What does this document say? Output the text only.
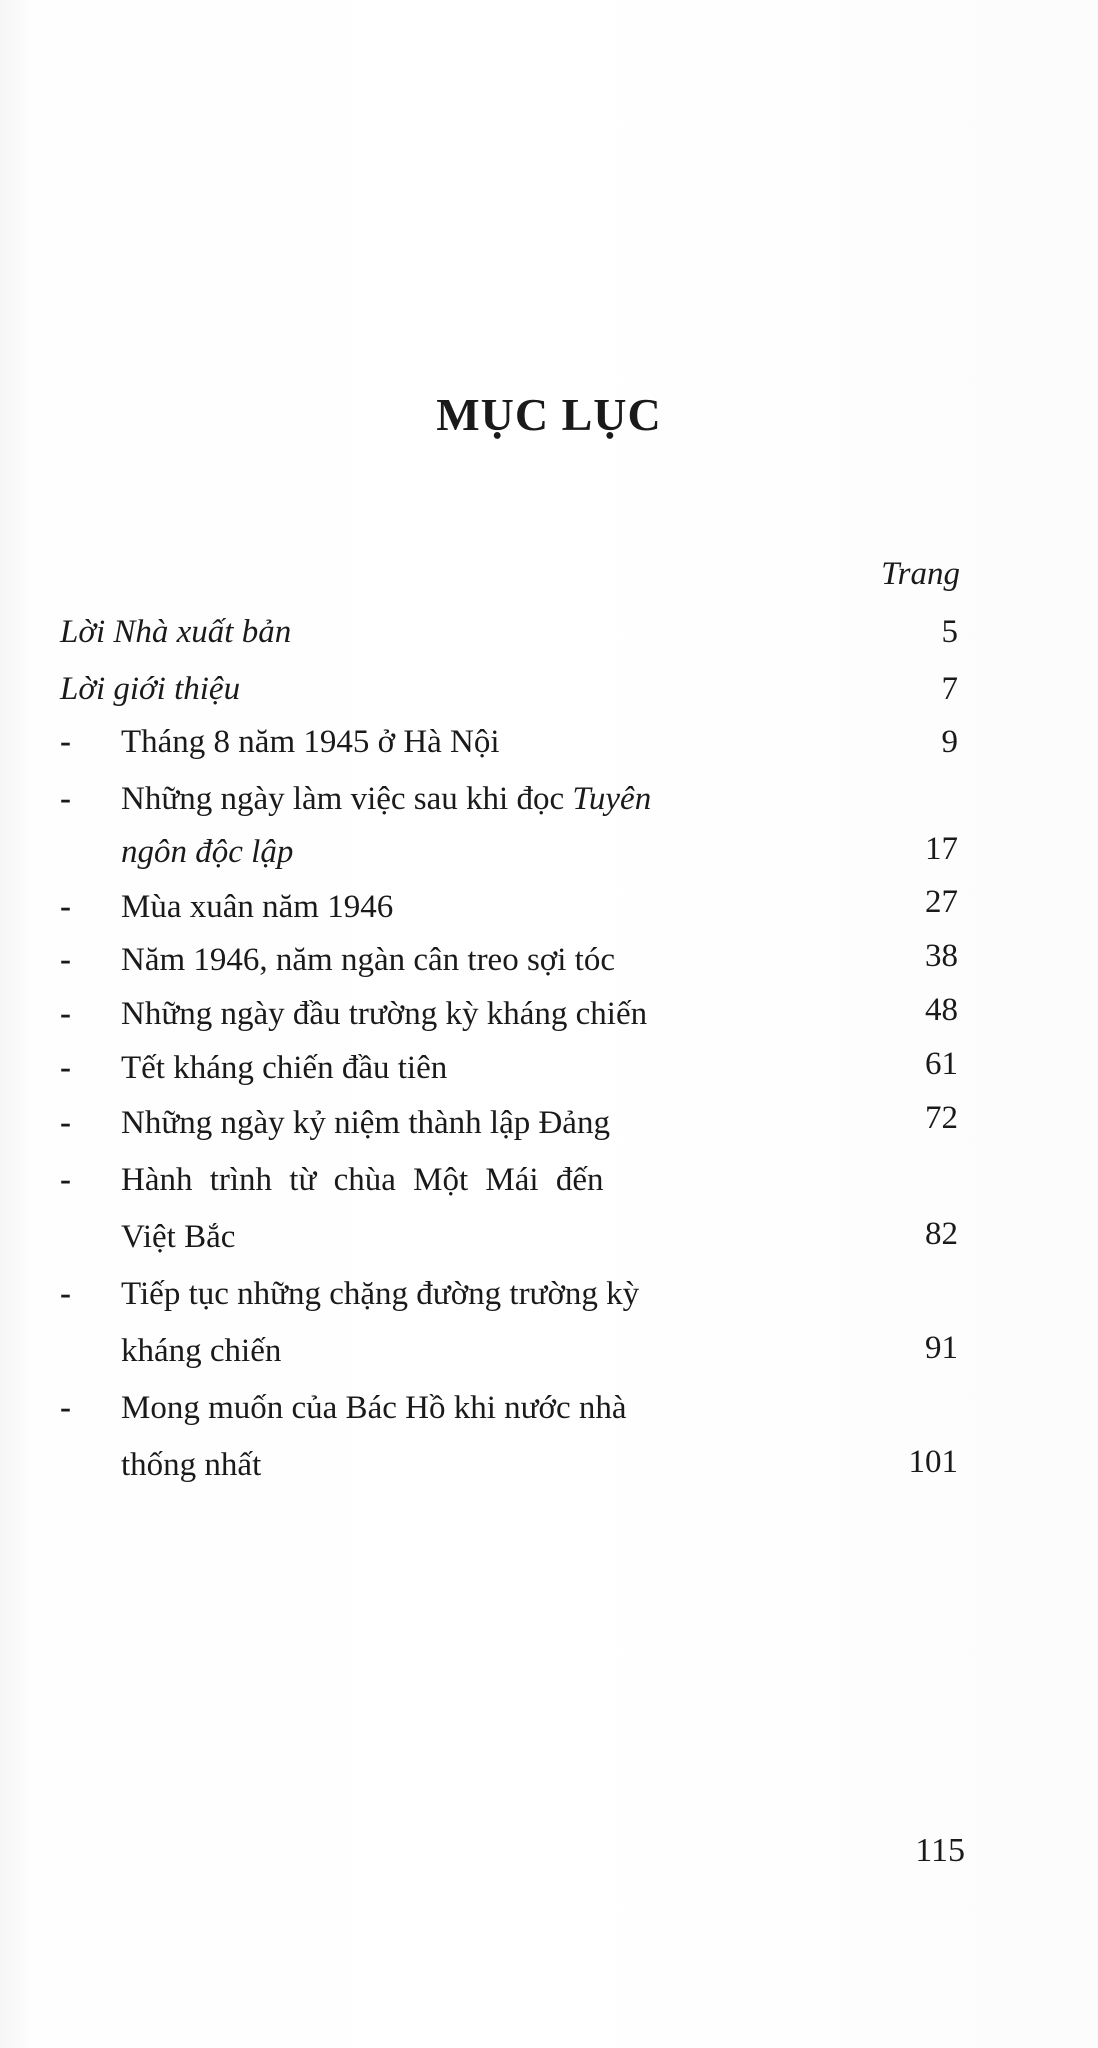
MỤC LỤC
Trang
Lời Nhà xuất bản	5
Lời giới thiệu	7
- Tháng 8 năm 1945 ở Hà Nội	9
- Những ngày làm việc sau khi đọc Tuyên
ngôn độc lập	17
- Mùa xuân năm 1946	27
- Năm 1946, năm ngàn cân treo sợi tóc	38
- Những ngày đầu trường kỳ kháng chiến	48
- Tết kháng chiến đầu tiên	61
- Những ngày kỷ niệm thành lập Đảng	72
- Hành trình từ chùa Một Mái đến
Việt Bắc	82
- Tiếp tục những chặng đường trường kỳ
kháng chiến	91
- Mong muốn của Bác Hồ khi nước nhà
thống nhất	101
115
